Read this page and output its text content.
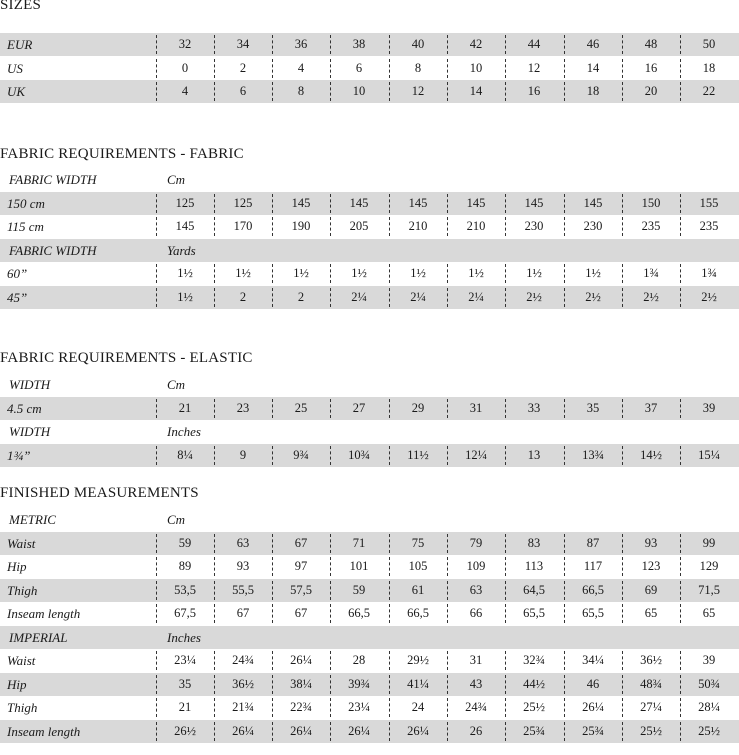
SIZES
EUR	32	34	36	38	40	42	44	46	48	50
US	0	2	4	6	8	10	12	14	16	18
UK	4	6	8	10	12	14	16	18	20	22
FABRIC REQUIREMENTS - FABRIC
FABRIC WIDTH	Cm
150 cm	125	125	145	145	145	145	145	145	150	155
115 cm	145	170	190	205	210	210	230	230	235	235
FABRIC WIDTH	Yards
60”	1½	1½	1½	1½	1½	1½	1½	1½	1¾	1¾
45”	1½	2	2	2¼	2¼	2¼	2½	2½	2½	2½
FABRIC REQUIREMENTS - ELASTIC
WIDTH	Cm
4.5 cm	21	23	25	27	29	31	33	35	37	39
WIDTH	Inches
1¾”	8¼	9	9¾	10¾	11½	12¼	13	13¾	14½	15¼
FINISHED MEASUREMENTS
METRIC	Cm
Waist	59	63	67	71	75	79	83	87	93	99
Hip	89	93	97	101	105	109	113	117	123	129
Thigh	53,5	55,5	57,5	59	61	63	64,5	66,5	69	71,5
Inseam length	67,5	67	67	66,5	66,5	66	65,5	65,5	65	65
IMPERIAL	Inches
Waist	23¼	24¾	26¼	28	29½	31	32¾	34¼	36½	39
Hip	35	36½	38¼	39¾	41¼	43	44½	46	48¾	50¾
Thigh	21	21¾	22¾	23¼	24	24¾	25½	26¼	27¼	28¼
Inseam length	26½	26¼	26¼	26¼	26¼	26	25¾	25¾	25½	25½
